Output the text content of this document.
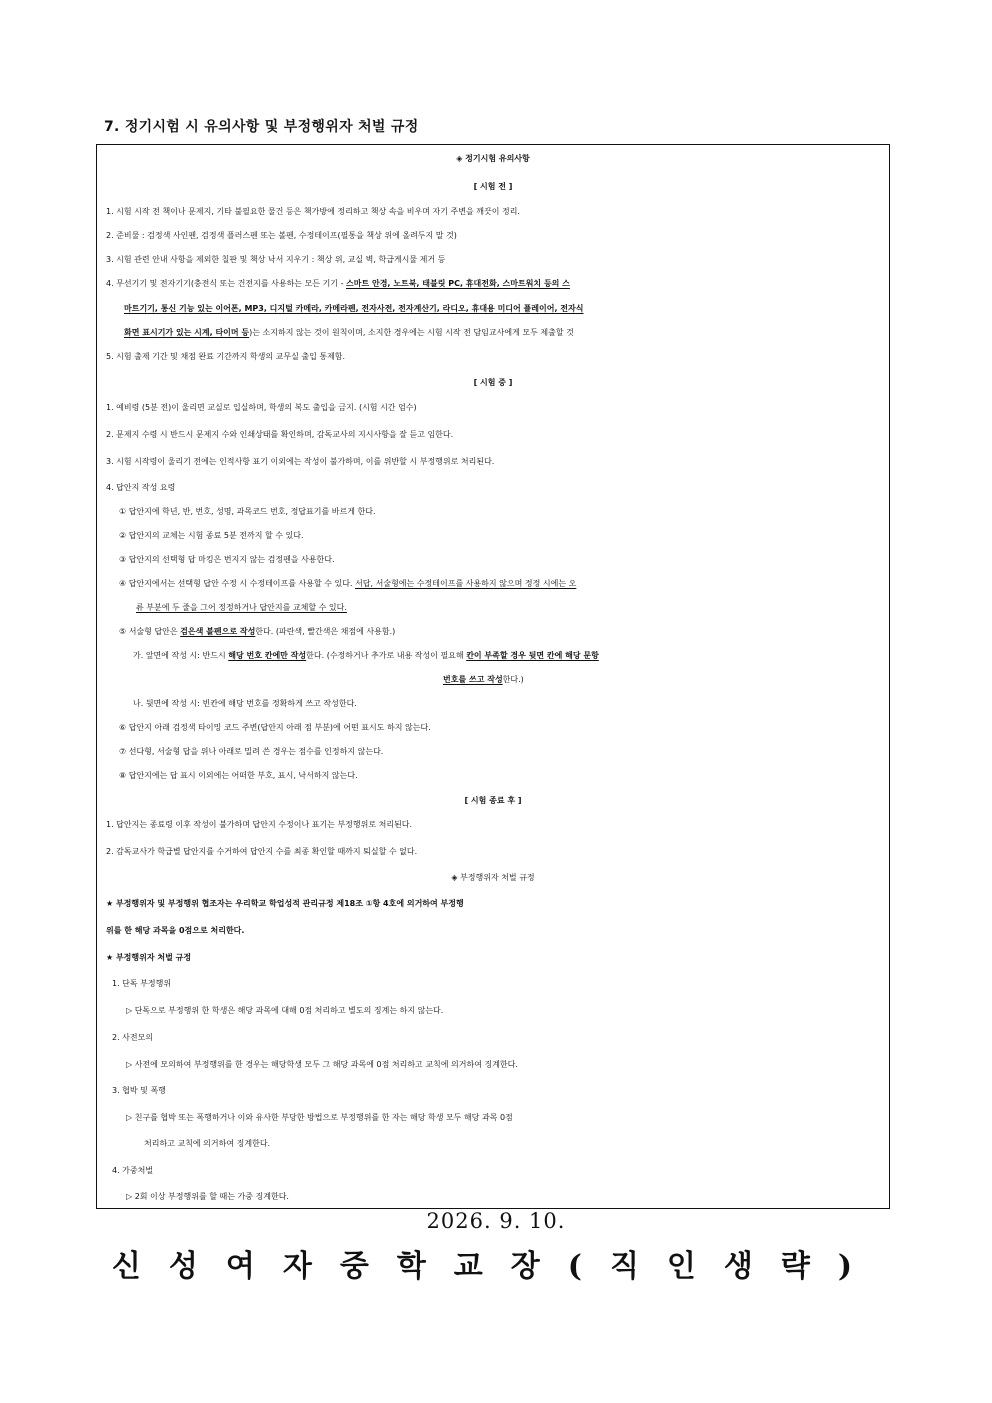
7. 정기시험 시 유의사항 및 부정행위자 처벌 규정
◈ 정기시험 유의사항
[ 시험 전 ]
1. 시험 시작 전 책이나 문제지, 기타 불필요한 물건 등은 책가방에 정리하고 책상 속을 비우며 자기 주변을 깨끗이 정리.
2. 준비물 : 검정색 사인펜, 검정색 플러스펜 또는 볼펜, 수정테이프(필통을 책상 위에 올려두지 말 것)
3. 시험 관련 안내 사항을 제외한 칠판 및 책상 낙서 지우기 : 책상 위, 교실 벽, 학급게시물 제거 등
4. 무선기기 및 전자기기(충전식 또는 건전지를 사용하는 모든 기기 - 스마트 안경, 노트북, 태블릿 PC, 휴대전화, 스마트워치 등의 스
마트기기, 통신 기능 있는 이어폰, MP3, 디지털 카메라, 카메라펜, 전자사전, 전자계산기, 라디오, 휴대용 미디어 플레이어, 전자식
화면 표시기가 있는 시계, 타이머 등)는 소지하지 않는 것이 원칙이며, 소지한 경우에는 시험 시작 전 담임교사에게 모두 제출할 것
5. 시험 출제 기간 및 채점 완료 기간까지 학생의 교무실 출입 통제함.
[ 시험 중 ]
1. 예비령 (5분 전)이 울리면 교실로 입실하며, 학생의 복도 출입을 금지. (시험 시간 엄수)
2. 문제지 수령 시 반드시 문제지 수와 인쇄상태를 확인하며, 감독교사의 지시사항을 잘 듣고 임한다.
3. 시험 시작령이 울리기 전에는 인적사항 표기 이외에는 작성이 불가하며, 이를 위반할 시 부정행위로 처리된다.
4. 답안지 작성 요령
① 답안지에 학년, 반, 번호, 성명, 과목코드 번호, 정답표기를 바르게 한다.
② 답안지의 교체는 시험 종료 5분 전까지 할 수 있다.
③ 답안지의 선택형 답 마킹은 번지지 않는 검정펜을 사용한다.
④ 답안지에서는 선택형 답안 수정 시 수정테이프를 사용할 수 있다. 서답, 서술형에는 수정테이프를 사용하지 않으며 정정 시에는 오
류 부분에 두 줄을 그어 정정하거나 답안지를 교체할 수 있다.
⑤ 서술형 답안은 검은색 볼펜으로 작성한다. (파란색, 빨간색은 채점에 사용함.)
가. 앞면에 작성 시: 반드시 해당 번호 칸에만 작성한다. (수정하거나 추가로 내용 작성이 필요해 칸이 부족할 경우 뒷면 칸에 해당 문항
번호를 쓰고 작성한다.)
나. 뒷면에 작성 시: 빈칸에 해당 번호를 정확하게 쓰고 작성한다.
⑥ 답안지 아래 검정색 타이밍 코드 주변(답안지 아래 점 부분)에 어떤 표시도 하지 않는다.
⑦ 선다형, 서술형 답을 위나 아래로 밀려 쓴 경우는 점수를 인정하지 않는다.
⑧ 답안지에는 답 표시 이외에는 어떠한 부호, 표시, 낙서하지 않는다.
[ 시험 종료 후 ]
1. 답안지는 종료령 이후 작성이 불가하며 답안지 수정이나 표기는 부정행위로 처리된다.
2. 감독교사가 학급별 답안지를 수거하여 답안지 수를 최종 확인할 때까지 퇴실할 수 없다.
◈ 부정행위자 처벌 규정
★ 부정행위자 및 부정행위 협조자는 우리학교 학업성적 관리규정 제18조 ①항 4호에 의거하여 부정행
위를 한 해당 과목을 0점으로 처리한다.
★ 부정행위자 처벌 규정
1. 단독 부정행위
▷ 단독으로 부정행위 한 학생은 해당 과목에 대해 0점 처리하고 별도의 징계는 하지 않는다.
2. 사전모의
▷ 사전에 모의하여 부정행위를 한 경우는 해당학생 모두 그 해당 과목에 0점 처리하고 교칙에 의거하여 징계한다.
3. 협박 및 폭행
▷ 친구를 협박 또는 폭행하거나 이와 유사한 부당한 방법으로 부정행위를 한 자는 해당 학생 모두 해당 과목 0점
처리하고 교칙에 의거하여 징계한다.
4. 가중처벌
▷ 2회 이상 부정행위를 할 때는 가중 징계한다.
2026. 9. 10.
신성여자중학교장(직인생략)
